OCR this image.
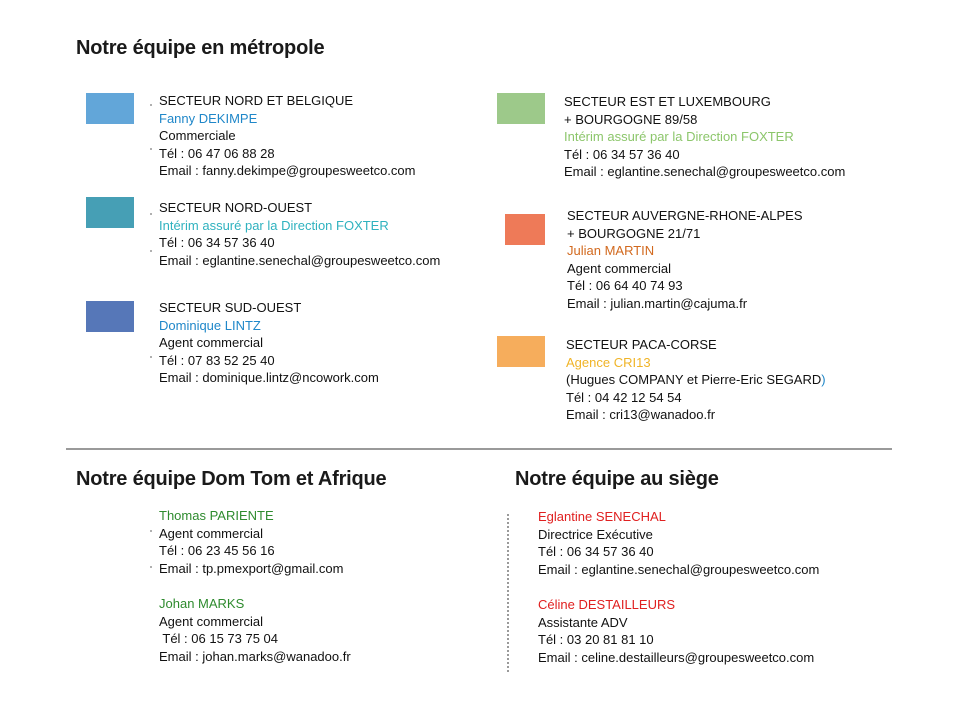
Notre équipe en métropole
Notre équipe Dom Tom et Afrique	Notre équipe au siège
SECTEUR NORD ET BELGIQUE
Fanny DEKIMPE
Commerciale
Tél : 06 47 06 88 28
Email : fanny.dekimpe@groupesweetco.com
SECTEUR NORD-OUEST
Intérim assuré par la Direction FOXTER
Tél : 06 34 57 36 40
Email : eglantine.senechal@groupesweetco.com
SECTEUR SUD-OUEST
Dominique LINTZ
Agent commercial
Tél : 07 83 52 25 40
Email : dominique.lintz@ncowork.com
SECTEUR EST ET LUXEMBOURG
+ BOURGOGNE 89/58
Intérim assuré par la Direction FOXTER
Tél : 06 34 57 36 40
Email : eglantine.senechal@groupesweetco.com
SECTEUR AUVERGNE-RHONE-ALPES
+ BOURGOGNE 21/71
Julian MARTIN
Agent commercial
Tél : 06 64 40 74 93
Email : julian.martin@cajuma.fr
SECTEUR PACA-CORSE
Agence CRI13
(Hugues COMPANY et Pierre-Eric SEGARD)
Tél : 04 42 12 54 54
Email : cri13@wanadoo.fr
Thomas PARIENTE
Agent commercial
Tél : 06 23 45 56 16
Email : tp.pmexport@gmail.com
Johan MARKS
Agent commercial
Tél : 06 15 73 75 04
Email : johan.marks@wanadoo.fr
Eglantine SENECHAL
Directrice Exécutive
Tél : 06 34 57 36 40
Email : eglantine.senechal@groupesweetco.com
Céline DESTAILLEURS
Assistante ADV
Tél : 03 20 81 81 10
Email : celine.destailleurs@groupesweetco.com
